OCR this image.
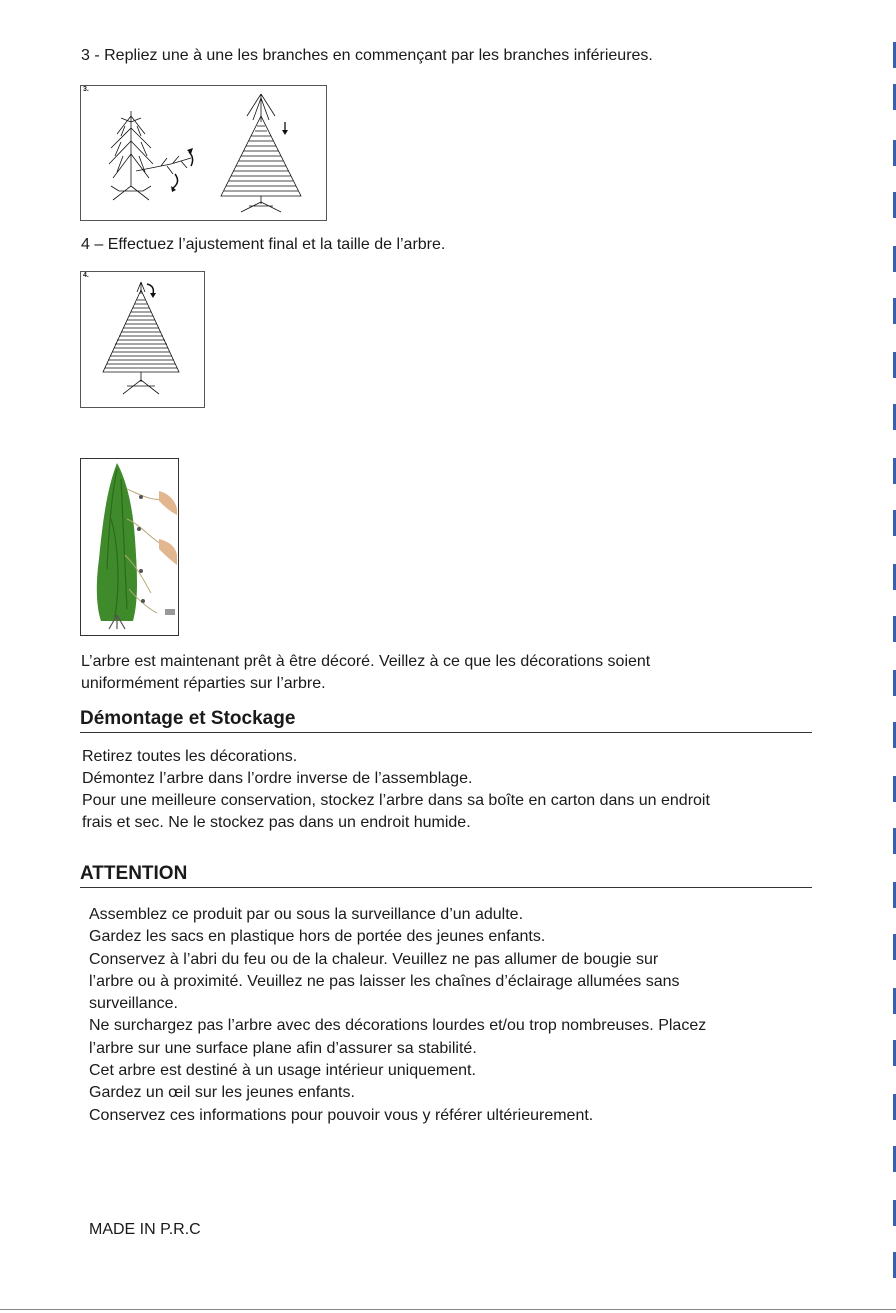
3 - Repliez une à une les branches en commençant par les branches inférieures.

3.

4 – Effectuez l’ajustement final et la taille de l’arbre.

4.

L’arbre est maintenant prêt à être décoré. Veillez à ce que les décorations soient

uniformément réparties sur l’arbre.

Démontage et Stockage
Retirez toutes les décorations.
Démontez l’arbre dans l’ordre inverse de l’assemblage.
Pour une meilleure conservation, stockez l’arbre dans sa boîte en carton dans un endroit
frais et sec. Ne le stockez pas dans un endroit humide.
ATTENTION
Assemblez ce produit par ou sous la surveillance d’un adulte.
Gardez les sacs en plastique hors de portée des jeunes enfants.
Conservez à l’abri du feu ou de la chaleur. Veuillez ne pas allumer de bougie sur
l’arbre ou à proximité. Veuillez ne pas laisser les chaînes d’éclairage allumées sans
surveillance.
Ne surchargez pas l’arbre avec des décorations lourdes et/ou trop nombreuses. Placez
l’arbre sur une surface plane afin d’assurer sa stabilité.
Cet arbre est destiné à un usage intérieur uniquement.
Gardez un œil sur les jeunes enfants.
Conservez ces informations pour pouvoir vous y référer ultérieurement.

MADE IN P.R.C
